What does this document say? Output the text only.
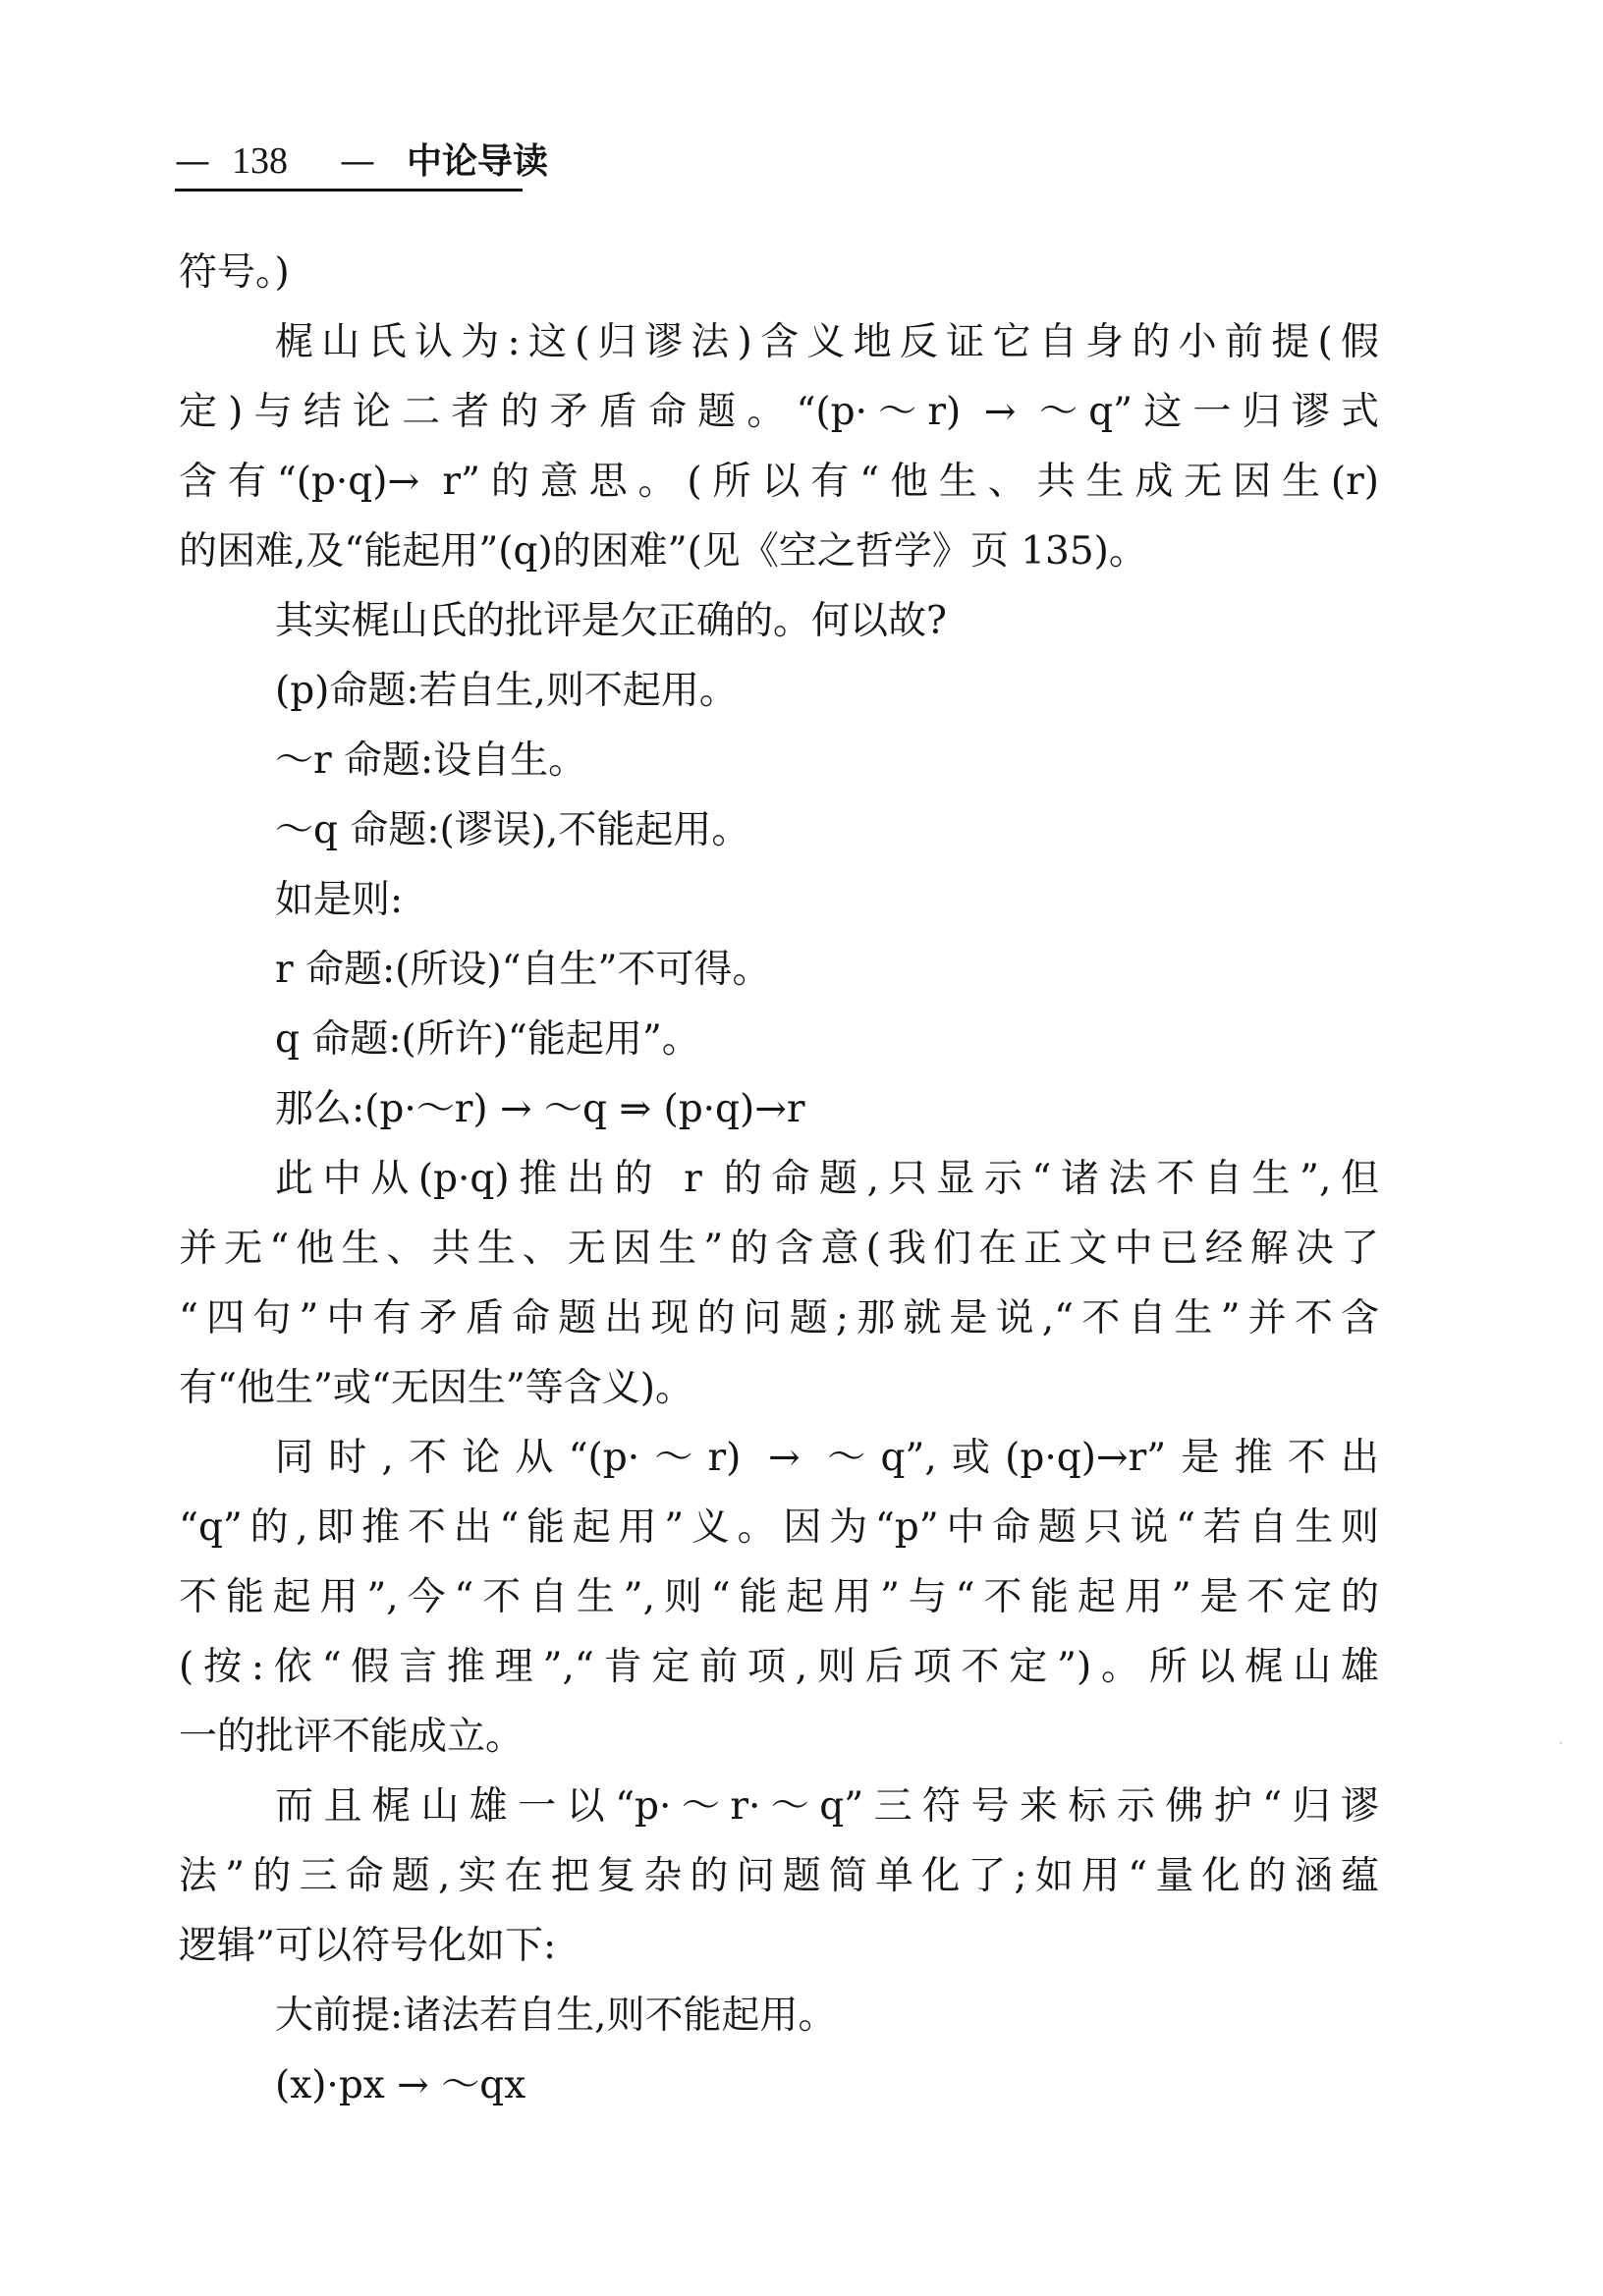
— 138 — 中论导读
符号。)
梶山氏认为:这(归谬法)含义地反证它自身的小前提(假
定)与结论二者的矛盾命题。“(p·～r) → ～q”这一归谬式
含有“(p·q)→ r”的意思。(所以有“他生、共生成无因生(r)
的困难,及“能起用”(q)的困难”(见《空之哲学》页 135)。
其实梶山氏的批评是欠正确的。何以故?
(p)命题:若自生,则不起用。
～r 命题:设自生。
～q 命题:(谬误),不能起用。
如是则:
r 命题:(所设)“自生”不可得。
q 命题:(所许)“能起用”。
那么:(p·～r) → ～q ⇒ (p·q)→r
此中从(p·q)推出的 r 的命题,只显示“诸法不自生”,但
并无“他生、共生、无因生”的含意(我们在正文中已经解决了
“四句”中有矛盾命题出现的问题;那就是说,“不自生”并不含
有“他生”或“无因生”等含义)。
同时,不论从“(p·～r) → ～q”,或(p·q)→r”是推不出
“q”的,即推不出“能起用”义。因为“p”中命题只说“若自生则
不能起用”,今“不自生”,则“能起用”与“不能起用”是不定的
(按:依“假言推理”,“肯定前项,则后项不定”)。所以梶山雄
一的批评不能成立。
而且梶山雄一以“p·～r·～q”三符号来标示佛护“归谬
法”的三命题,实在把复杂的问题简单化了;如用“量化的涵蕴
逻辑”可以符号化如下:
大前提:诸法若自生,则不能起用。
(x)·px → ～qx
